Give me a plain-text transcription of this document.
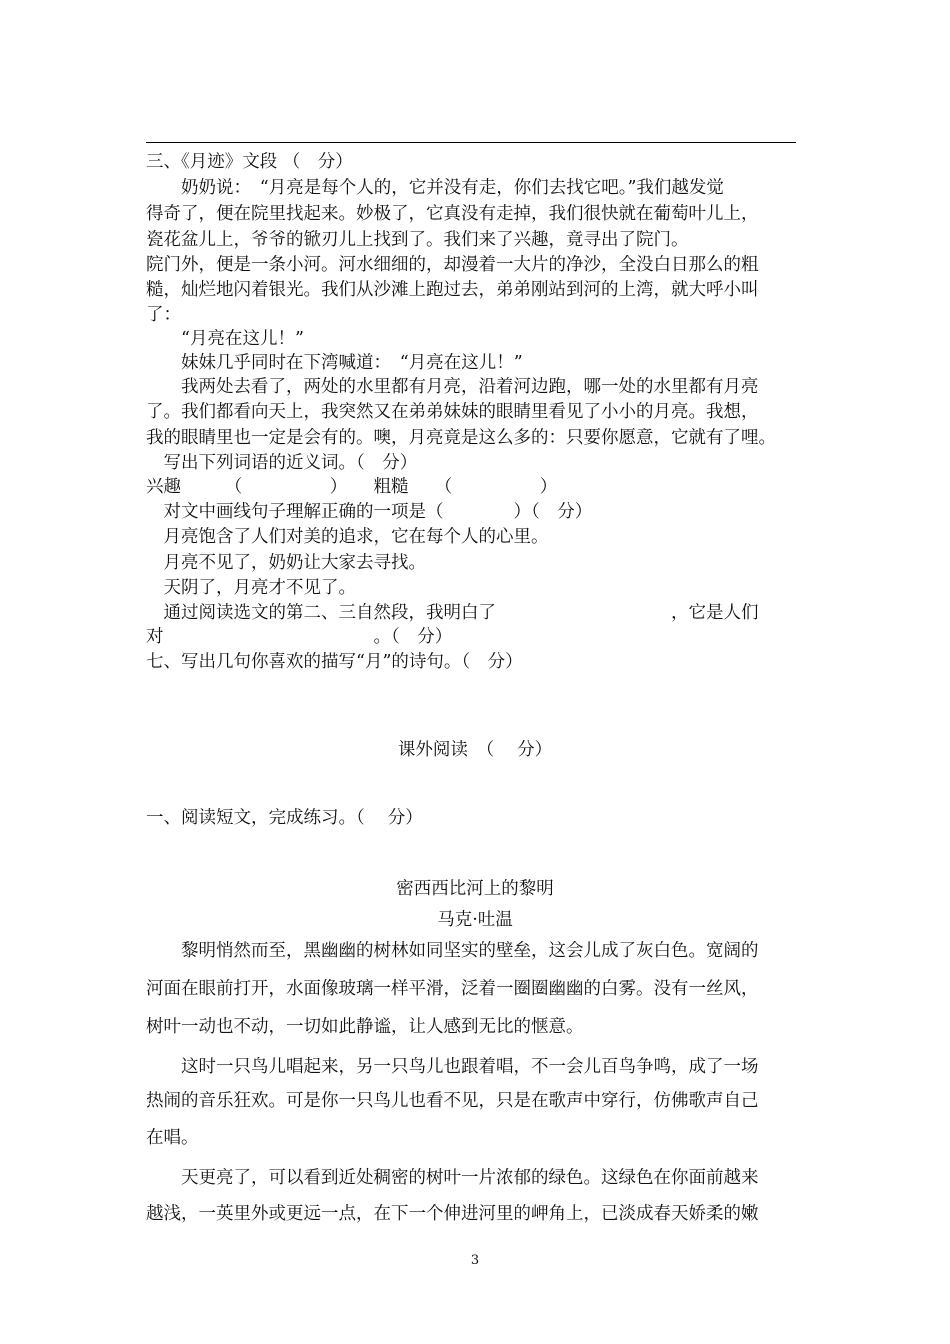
三、《月迹》文段 （　分）
　　奶奶说：　“月亮是每个人的，它并没有走，你们去找它吧。”我们越发觉
得奇了，便在院里找起来。妙极了，它真没有走掉，我们很快就在葡萄叶儿上，
瓷花盆儿上，爷爷的锨刃儿上找到了。我们来了兴趣，竟寻出了院门。
院门外，便是一条小河。河水细细的，却漫着一大片的净沙，全没白日那么的粗
糙，灿烂地闪着银光。我们从沙滩上跑过去，弟弟刚站到河的上湾，就大呼小叫
了：
　　“月亮在这儿！”
　　妹妹几乎同时在下湾喊道：　“月亮在这儿！”
　　我两处去看了，两处的水里都有月亮，沿着河边跑，哪一处的水里都有月亮
了。我们都看向天上，我突然又在弟弟妹妹的眼睛里看见了小小的月亮。我想，
我的眼睛里也一定是会有的。噢，月亮竟是这么多的：只要你愿意，它就有了哩。
　写出下列词语的近义词。（　分）
兴趣　　　（　　　　　）　　粗糙　　（　　　　　）
　对文中画线句子理解正确的一项是（　　　　）（　分）
　月亮饱含了人们对美的追求，它在每个人的心里。
　月亮不见了，奶奶让大家去寻找。
　天阴了，月亮才不见了。
　通过阅读选文的第二、三自然段，我明白了　　　　　　　　　　，它是人们
对　　　　　　　　　　　　。（　分）
七、写出几句你喜欢的描写“月”的诗句。（　分）
课外阅读　（　 分）
一、阅读短文，完成练习。（　 分）
密西西比河上的黎明
马克·吐温
　　黎明悄然而至，黑幽幽的树林如同坚实的壁垒，这会儿成了灰白色。宽阔的
河面在眼前打开，水面像玻璃一样平滑，泛着一圈圈幽幽的白雾。没有一丝风，
树叶一动也不动，一切如此静谧，让人感到无比的惬意。
　　这时一只鸟儿唱起来，另一只鸟儿也跟着唱，不一会儿百鸟争鸣，成了一场
热闹的音乐狂欢。可是你一只鸟儿也看不见，只是在歌声中穿行，仿佛歌声自己
在唱。
　　天更亮了，可以看到近处稠密的树叶一片浓郁的绿色。这绿色在你面前越来
越浅，一英里外或更远一点，在下一个伸进河里的岬角上，已淡成春天娇柔的嫩
3
